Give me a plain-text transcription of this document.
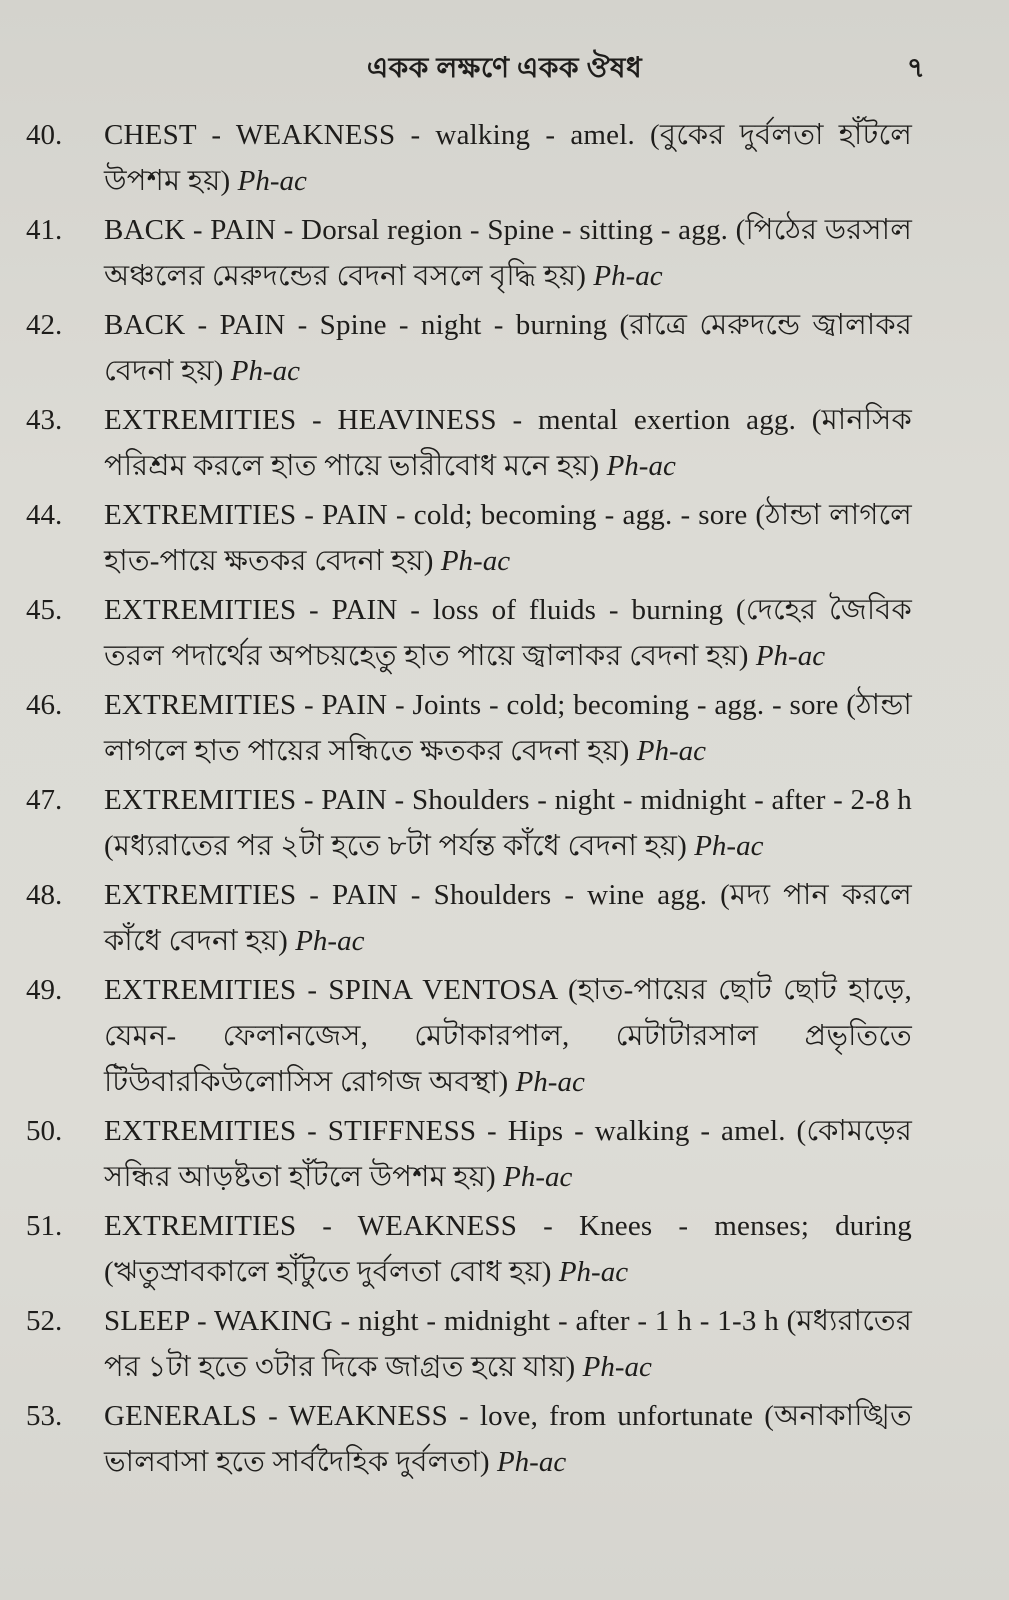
একক লক্ষণে একক ঔষধ	৭
40.	CHEST - WEAKNESS - walking - amel. (বুকের দুর্বলতা হাঁটলে উপশম হয়) Ph-ac
41.	BACK - PAIN - Dorsal region - Spine - sitting - agg. (পিঠের ডরসাল অঞ্চলের মেরুদন্ডের বেদনা বসলে বৃদ্ধি হয়) Ph-ac
42.	BACK - PAIN - Spine - night - burning (রাত্রে মেরুদন্ডে জ্বালাকর বেদনা হয়) Ph-ac
43.	EXTREMITIES - HEAVINESS - mental exertion agg. (মানসিক পরিশ্রম করলে হাত পায়ে ভারীবোধ মনে হয়) Ph-ac
44.	EXTREMITIES - PAIN - cold; becoming - agg. - sore (ঠান্ডা লাগলে হাত-পায়ে ক্ষতকর বেদনা হয়) Ph-ac
45.	EXTREMITIES - PAIN - loss of fluids - burning (দেহের জৈবিক তরল পদার্থের অপচয়হেতু হাত পায়ে জ্বালাকর বেদনা হয়) Ph-ac
46.	EXTREMITIES - PAIN - Joints - cold; becoming - agg. - sore (ঠান্ডা লাগলে হাত পায়ের সন্ধিতে ক্ষতকর বেদনা হয়) Ph-ac
47.	EXTREMITIES - PAIN - Shoulders - night - midnight - after - 2-8 h (মধ্যরাতের পর ২টা হতে ৮টা পর্যন্ত কাঁধে বেদনা হয়) Ph-ac
48.	EXTREMITIES - PAIN - Shoulders - wine agg. (মদ্য পান করলে কাঁধে বেদনা হয়) Ph-ac
49.	EXTREMITIES - SPINA VENTOSA (হাত-পায়ের ছোট ছোট হাড়ে, যেমন- ফেলানজেস, মেটাকারপাল, মেটাটারসাল প্রভৃতিতে টিউবারকিউলোসিস রোগজ অবস্থা) Ph-ac
50.	EXTREMITIES - STIFFNESS - Hips - walking - amel. (কোমড়ের সন্ধির আড়ষ্টতা হাঁটলে উপশম হয়) Ph-ac
51.	EXTREMITIES - WEAKNESS - Knees - menses; during (ঋতুস্রাবকালে হাঁটুতে দুর্বলতা বোধ হয়) Ph-ac
52.	SLEEP - WAKING - night - midnight - after - 1 h - 1-3 h (মধ্যরাতের পর ১টা হতে ৩টার দিকে জাগ্রত হয়ে যায়) Ph-ac
53.	GENERALS - WEAKNESS - love, from unfortunate (অনাকাঙ্খিত ভালবাসা হতে সার্বদৈহিক দুর্বলতা) Ph-ac
